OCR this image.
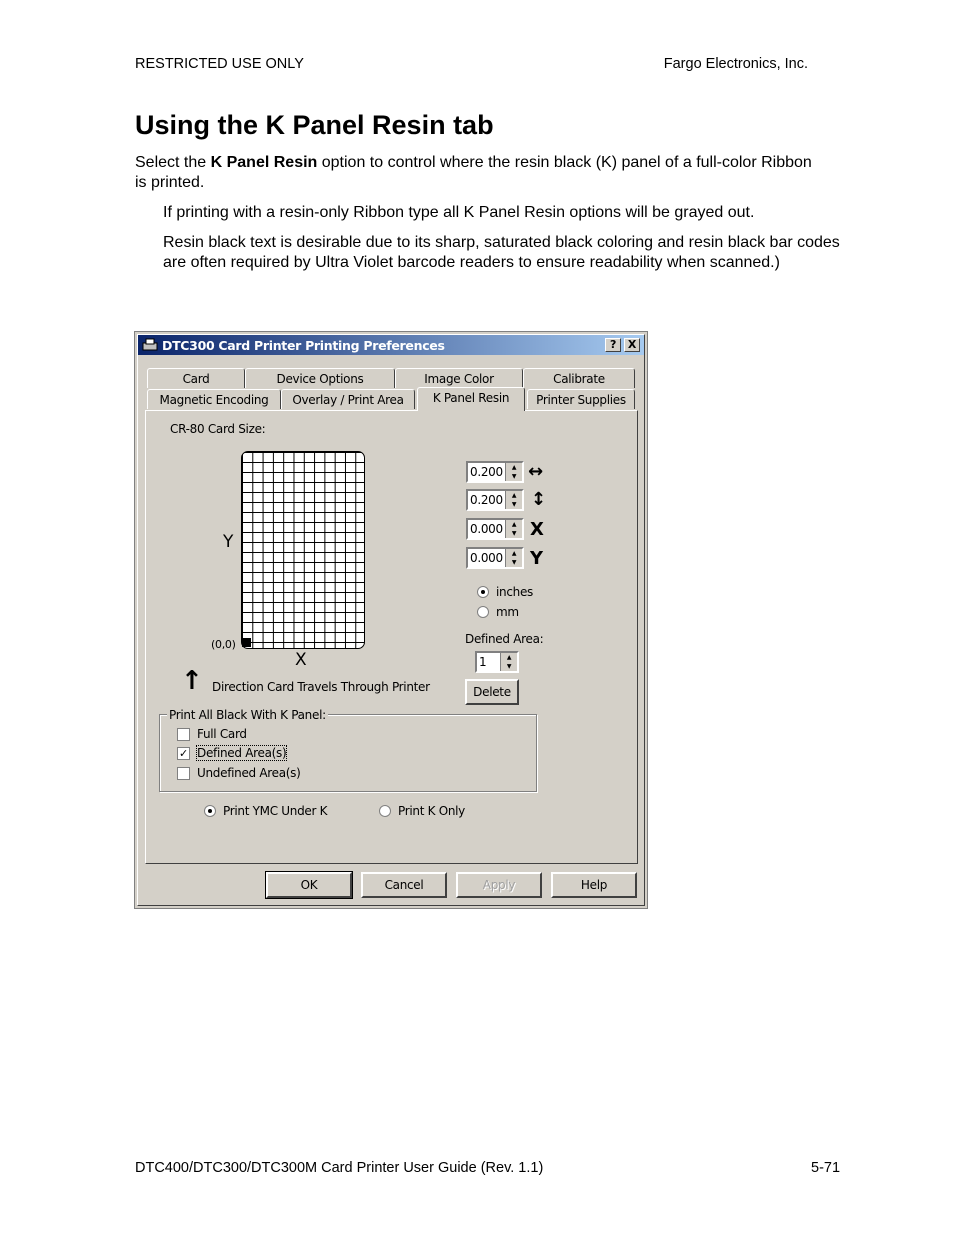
RESTRICTED USE ONLY	Fargo Electronics, Inc.
Using the K Panel Resin tab

Select the K Panel Resin option to control where the resin black (K) panel of a full-color Ribbon is printed.

If printing with a resin-only Ribbon type all K Panel Resin options will be grayed out.

Resin black text is desirable due to its sharp, saturated black coloring and resin black bar codes are often required by Ultra Violet barcode readers to ensure readability when scanned.)

DTC300 Card Printer Printing Preferences	?	X
Card	Device Options	Image Color	Calibrate
Magnetic Encoding	Overlay / Print Area	K Panel Resin	Printer Supplies
CR-80 Card Size:
Y
(0,0)
X
↑ Direction Card Travels Through Printer
0.200	▲
▼ ↔
0.200	▲
▼ ↕
0.000	▲
▼ X
0.000	▲
▼ Y
inches
mm
Defined Area:
1	▲
▼
Delete
Print All Black With K Panel:
Full Card
✓ Defined Area(s)
Undefined Area(s)
Print YMC Under K	Print K Only
OK	Cancel	Apply	Help
DTC400/DTC300/DTC300M Card Printer User Guide (Rev. 1.1)	5-71
